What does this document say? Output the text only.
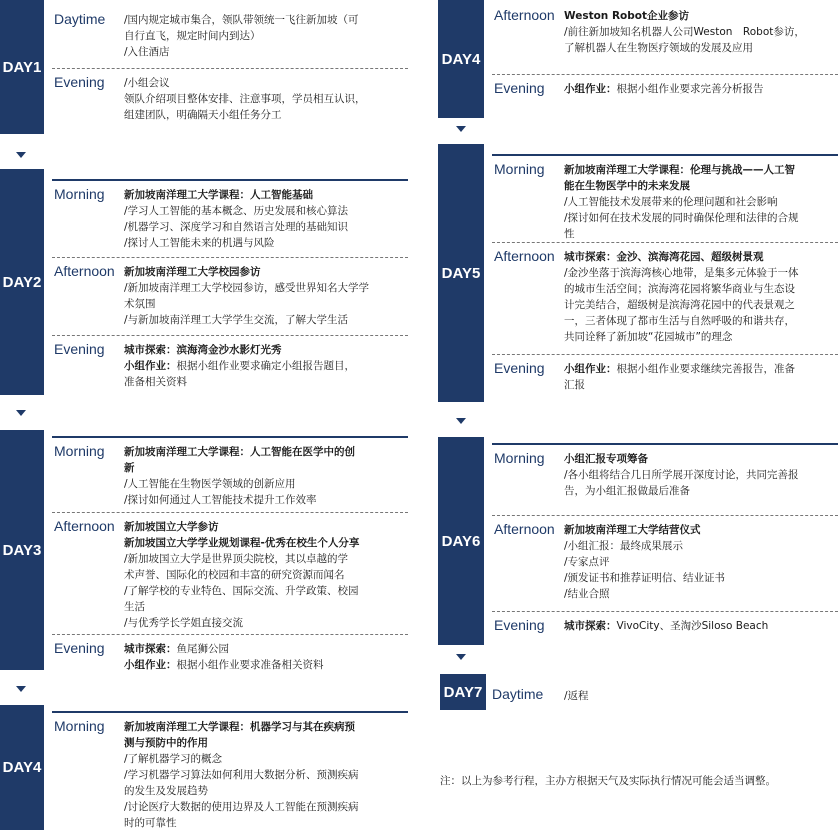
DAY1
Daytime /国内规定城市集合，领队带领统一飞往新加坡（可
自行直飞，规定时间内到达）
/入住酒店
Evening /小组会议
领队介绍项目整体安排、注意事项，学员相互认识，
组建团队，明确隔天小组任务分工
DAY2
Morning 新加坡南洋理工大学课程：人工智能基础
/学习人工智能的基本概念、历史发展和核心算法
/机器学习、深度学习和自然语言处理的基础知识
/探讨人工智能未来的机遇与风险
Afternoon 新加坡南洋理工大学校园参访
/新加坡南洋理工大学校园参访，感受世界知名大学学
术氛围
/与新加坡南洋理工大学学生交流，了解大学生活
Evening 城市探索：滨海湾金沙水影灯光秀
小组作业：根据小组作业要求确定小组报告题目，
准备相关资料
DAY3
Morning 新加坡南洋理工大学课程：人工智能在医学中的创
新
/人工智能在生物医学领域的创新应用
/探讨如何通过人工智能技术提升工作效率
Afternoon 新加坡国立大学参访
新加坡国立大学学业规划课程-优秀在校生个人分享
/新加坡国立大学是世界顶尖院校，其以卓越的学
术声誉、国际化的校园和丰富的研究资源而闻名
/了解学校的专业特色、国际交流、升学政策、校园
生活
/与优秀学长学姐直接交流
Evening 城市探索：鱼尾狮公园
小组作业：根据小组作业要求准备相关资料
DAY4
Morning 新加坡南洋理工大学课程：机器学习与其在疾病预
测与预防中的作用
/了解机器学习的概念
/学习机器学习算法如何利用大数据分析、预测疾病
的发生及发展趋势
/讨论医疗大数据的使用边界及人工智能在预测疾病
时的可靠性
DAY4
Afternoon Weston Robot企业参访
/前往新加坡知名机器人公司Weston　Robot参访，
了解机器人在生物医疗领域的发展及应用
Evening 小组作业：根据小组作业要求完善分析报告
DAY5
Morning 新加坡南洋理工大学课程：伦理与挑战——人工智
能在生物医学中的未来发展
/人工智能技术发展带来的伦理问题和社会影响
/探讨如何在技术发展的同时确保伦理和法律的合规
性
Afternoon 城市探索：金沙、滨海湾花园、超级树景观
/金沙坐落于滨海湾核心地带，是集多元体验于一体
的城市生活空间；滨海湾花园将繁华商业与生态设
计完美结合，超级树是滨海湾花园中的代表景观之
一，三者体现了都市生活与自然呼吸的和谐共存，
共同诠释了新加坡“花园城市”的理念
Evening 小组作业：根据小组作业要求继续完善报告，准备
汇报
DAY6
Morning 小组汇报专项筹备
/各小组将结合几日所学展开深度讨论，共同完善报
告，为小组汇报做最后准备
Afternoon 新加坡南洋理工大学结营仪式
/小组汇报：最终成果展示
/专家点评
/颁发证书和推荐证明信、结业证书
/结业合照
Evening 城市探索：VivoCity、圣淘沙Siloso Beach
DAY7 Daytime /返程
注：以上为参考行程，主办方根据天气及实际执行情况可能会适当调整。
